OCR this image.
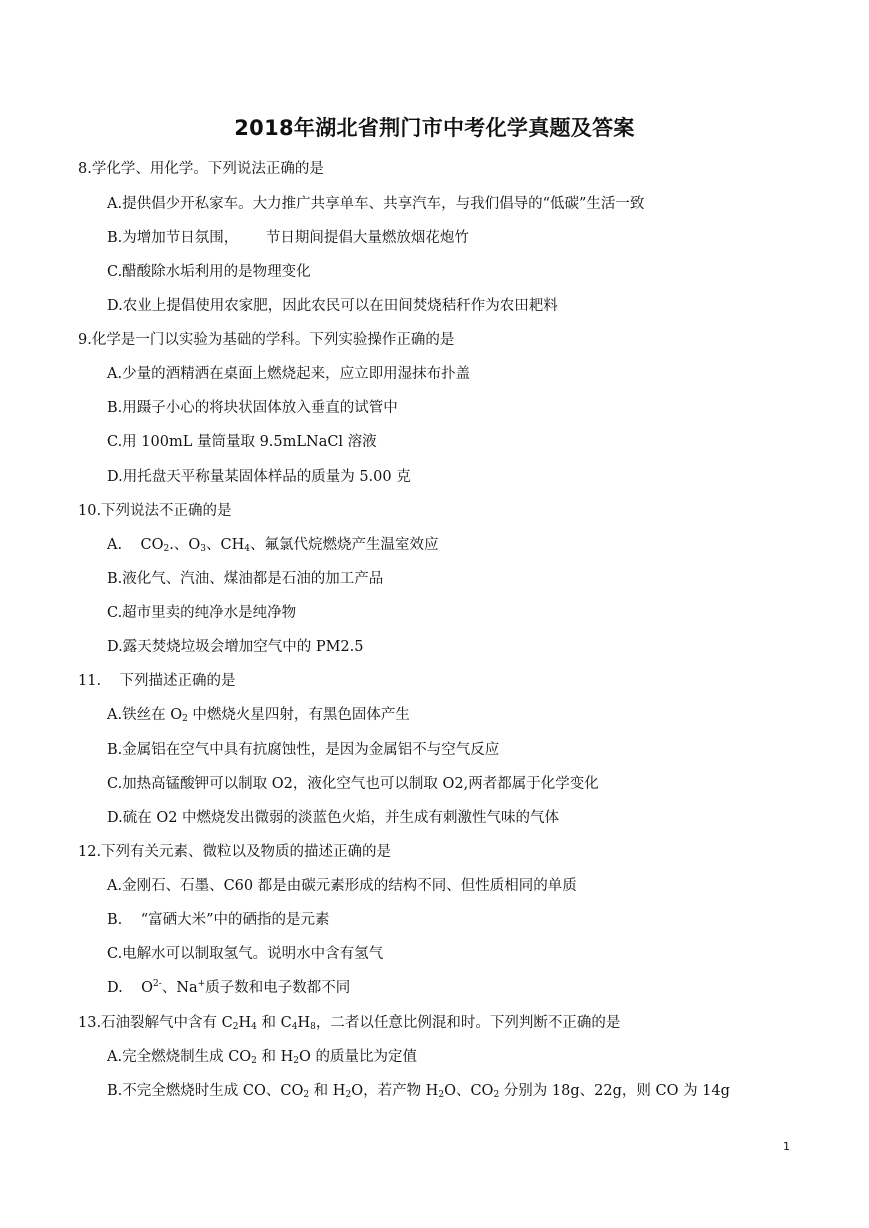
2018年湖北省荆门市中考化学真题及答案
8.学化学、用化学。下列说法正确的是
A.提供倡少开私家车。大力推广共享单车、共享汽车，与我们倡导的“低碳”生活一致
B.为增加节日氛围，      节日期间提倡大量燃放烟花炮竹
C.醋酸除水垢利用的是物理变化
D.农业上提倡使用农家肥，因此农民可以在田间焚烧秸秆作为农田耙料
9.化学是一门以实验为基础的学科。下列实验操作正确的是
A.少量的酒精洒在桌面上燃烧起来，应立即用湿抹布扑盖
B.用蹑子小心的将块状固体放入垂直的试管中
C.用 100mL 量筒量取 9.5mLNaCl 溶液
D.用托盘天平称量某固体样品的质量为 5.00 克
10.下列说法不正确的是
A.    $CO_2$.、$O_3$、$CH_4$、氟氯代烷燃烧产生温室效应
B.液化气、汽油、煤油都是石油的加工产品
C.超市里卖的纯净水是纯净物
D.露天焚烧垃圾会增加空气中的 PM2.5
11.    下列描述正确的是
A.铁丝在 $O_2$ 中燃烧火星四射，有黑色固体产生
B.金属铝在空气中具有抗腐蚀性，是因为金属铝不与空气反应
C.加热高锰酸钾可以制取 O2，液化空气也可以制取 O2,两者都属于化学变化
D.硫在 O2 中燃烧发出微弱的淡蓝色火焰，并生成有刺激性气味的气体
12.下列有关元素、微粒以及物质的描述正确的是
A.金刚石、石墨、C60 都是由碳元素形成的结构不同、但性质相同的单质
B.    “富硒大米”中的硒指的是元素
C.电解水可以制取氢气。说明水中含有氢气
D.    $O^{2-}$、Na+质子数和电子数都不同
13.石油裂解气中含有 $C_2H_4$ 和 $C_4H_8$，二者以任意比例混和时。下列判断不正确的是
A.完全燃烧制生成 $CO_2$ 和 $H_2O$ 的质量比为定值
B.不完全燃烧时生成 CO、$CO_2$ 和 $H_2O$，若产物 $H_2O$、$CO_2$ 分别为 18g、22g，则 CO 为 14g
1
